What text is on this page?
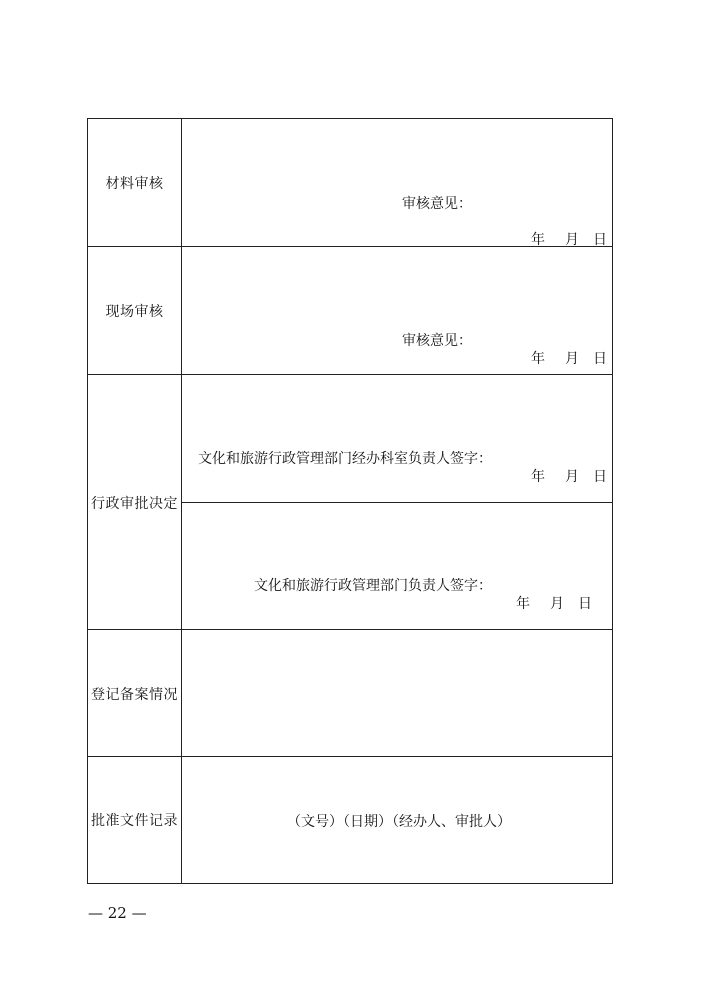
材料审核
审核意见：
年 月 日
现场审核
审核意见：
年 月 日
行政审批决定
文化和旅游行政管理部门经办科室负责人签字：
年 月 日
文化和旅游行政管理部门负责人签字：
年 月 日
登记备案情况
批准文件记录	（文号）（日期）（经办人、审批人）
— 22 —
